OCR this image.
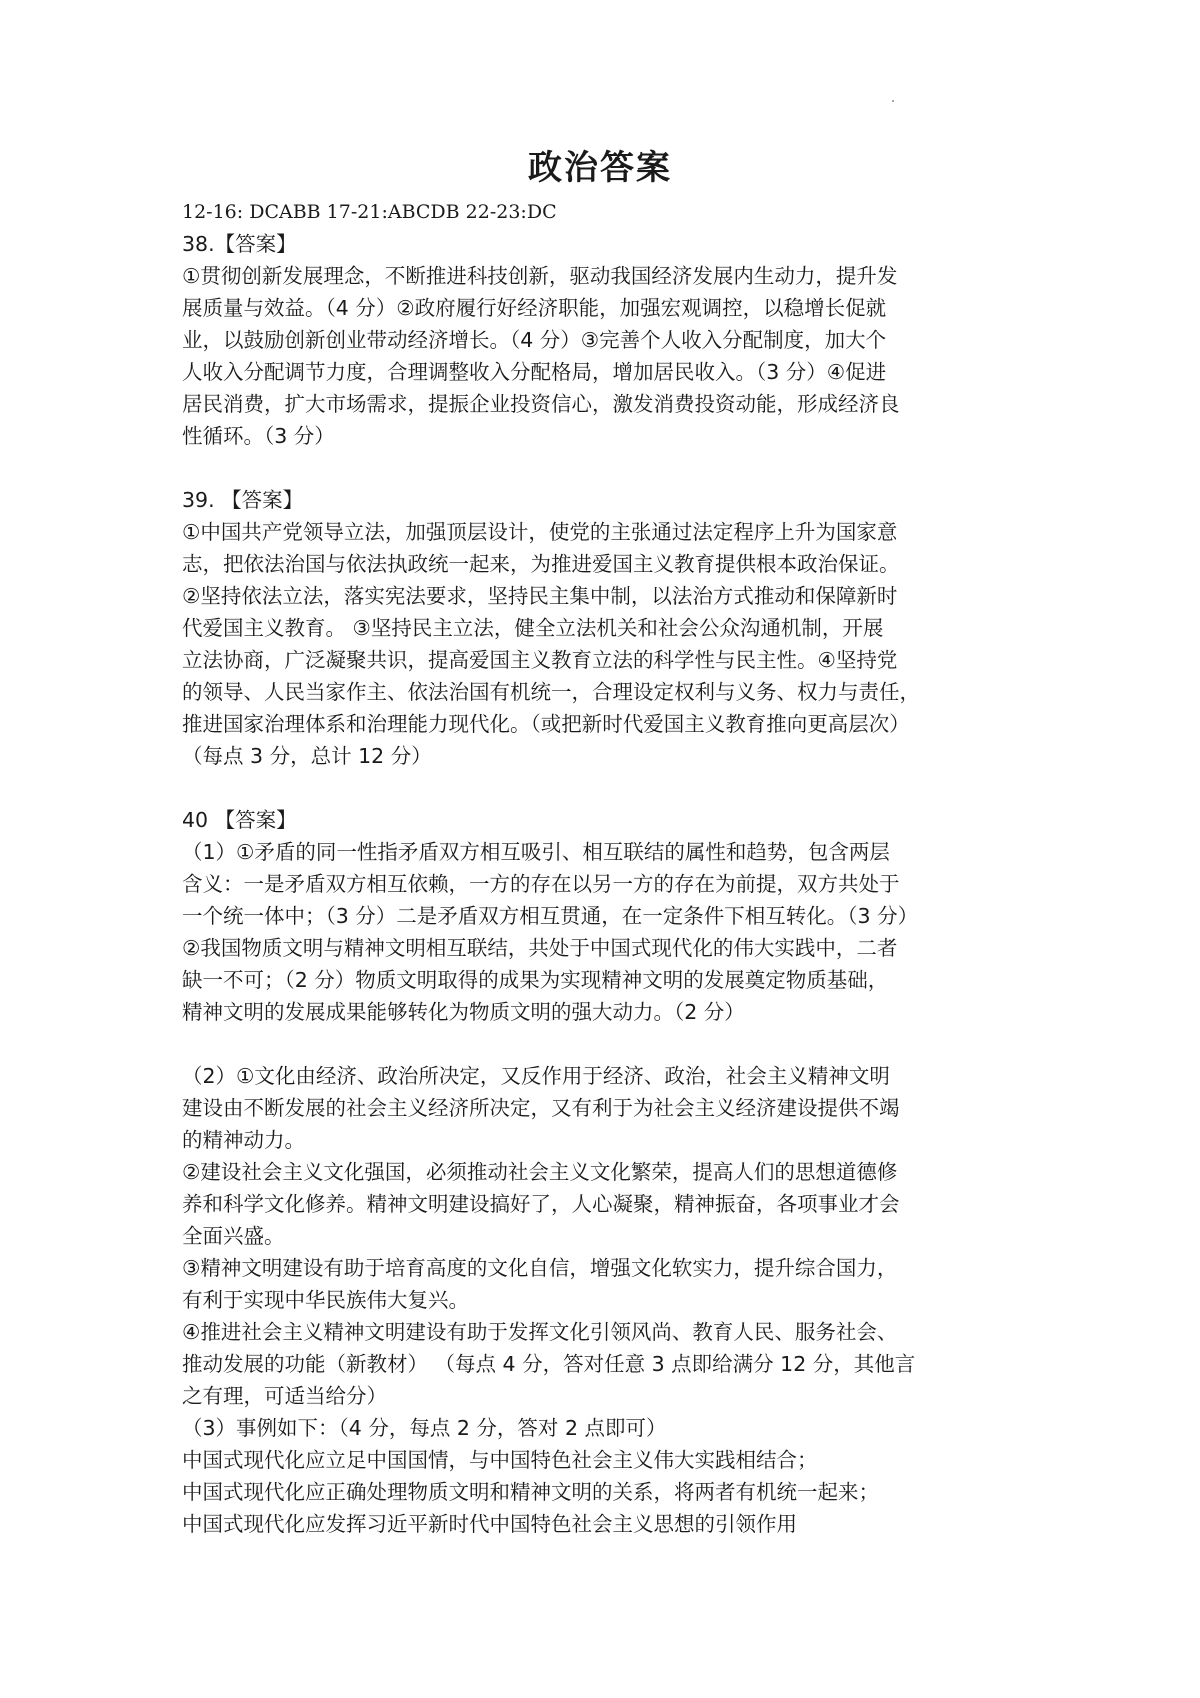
政治答案
12-16: DCABB 17-21:ABCDB 22-23:DC
38.【答案】
①贯彻创新发展理念，不断推进科技创新，驱动我国经济发展内生动力，提升发
展质量与效益。（4 分）②政府履行好经济职能，加强宏观调控，以稳增长促就
业，以鼓励创新创业带动经济增长。（4 分）③完善个人收入分配制度，加大个
人收入分配调节力度，合理调整收入分配格局，增加居民收入。（3 分）④促进
居民消费，扩大市场需求，提振企业投资信心，激发消费投资动能，形成经济良
性循环。（3 分）
39. 【答案】
①中国共产党领导立法，加强顶层设计，使党的主张通过法定程序上升为国家意
志，把依法治国与依法执政统一起来，为推进爱国主义教育提供根本政治保证。
②坚持依法立法，落实宪法要求，坚持民主集中制，以法治方式推动和保障新时
代爱国主义教育。 ③坚持民主立法，健全立法机关和社会公众沟通机制，开展
立法协商，广泛凝聚共识，提高爱国主义教育立法的科学性与民主性。④坚持党
的领导、人民当家作主、依法治国有机统一，合理设定权利与义务、权力与责任，
推进国家治理体系和治理能力现代化。（或把新时代爱国主义教育推向更高层次）
（每点 3 分，总计 12 分）
40 【答案】
（1）①矛盾的同一性指矛盾双方相互吸引、相互联结的属性和趋势，包含两层
含义：一是矛盾双方相互依赖，一方的存在以另一方的存在为前提，双方共处于
一个统一体中；（3 分）二是矛盾双方相互贯通，在一定条件下相互转化。（3 分）
②我国物质文明与精神文明相互联结，共处于中国式现代化的伟大实践中，二者
缺一不可；（2 分）物质文明取得的成果为实现精神文明的发展奠定物质基础，
精神文明的发展成果能够转化为物质文明的强大动力。（2 分）
（2）①文化由经济、政治所决定，又反作用于经济、政治，社会主义精神文明
建设由不断发展的社会主义经济所决定，又有利于为社会主义经济建设提供不竭
的精神动力。
②建设社会主义文化强国，必须推动社会主义文化繁荣，提高人们的思想道德修
养和科学文化修养。精神文明建设搞好了，人心凝聚，精神振奋，各项事业才会
全面兴盛。
③精神文明建设有助于培育高度的文化自信，增强文化软实力，提升综合国力，
有利于实现中华民族伟大复兴。
④推进社会主义精神文明建设有助于发挥文化引领风尚、教育人民、服务社会、
推动发展的功能（新教材） （每点 4 分，答对任意 3 点即给满分 12 分，其他言
之有理，可适当给分）
（3）事例如下：（4 分，每点 2 分，答对 2 点即可）
中国式现代化应立足中国国情，与中国特色社会主义伟大实践相结合；
中国式现代化应正确处理物质文明和精神文明的关系，将两者有机统一起来；
中国式现代化应发挥习近平新时代中国特色社会主义思想的引领作用
